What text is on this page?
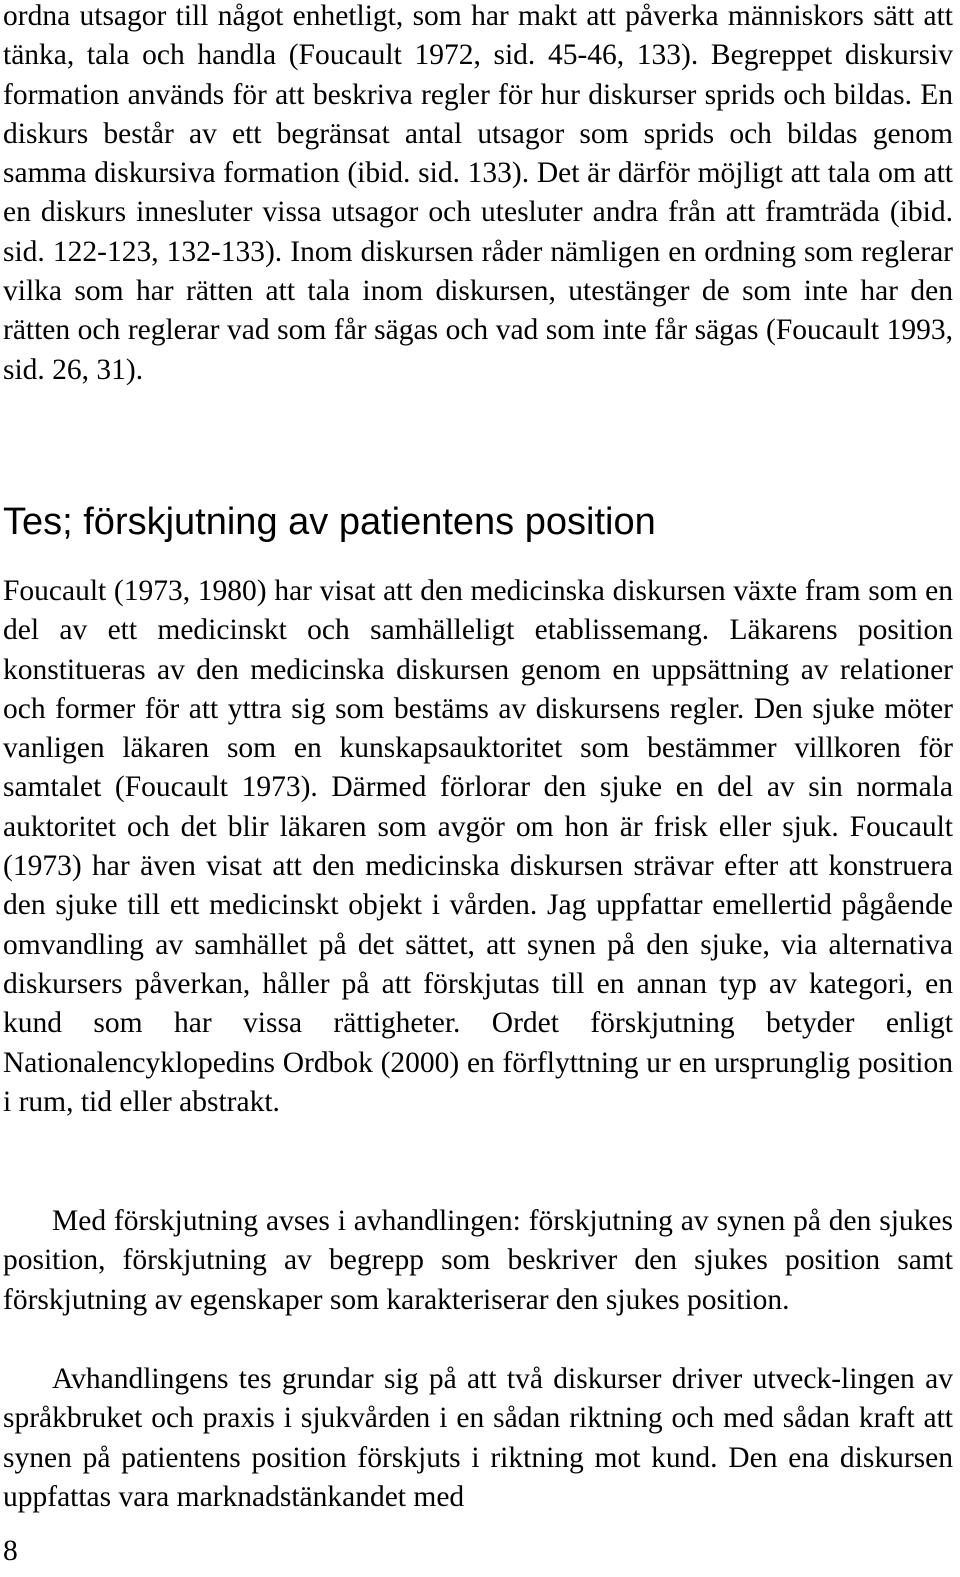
ordna utsagor till något enhetligt, som har makt att påverka människors sätt att tänka, tala och handla (Foucault 1972, sid. 45-46, 133). Begreppet diskursiv formation används för att beskriva regler för hur diskurser sprids och bildas. En diskurs består av ett begränsat antal utsagor som sprids och bildas genom samma diskursiva formation (ibid. sid. 133). Det är därför möjligt att tala om att en diskurs innesluter vissa utsagor och utesluter andra från att framträda (ibid. sid. 122-123, 132-133). Inom diskursen råder nämligen en ordning som reglerar vilka som har rätten att tala inom diskursen, utestänger de som inte har den rätten och reglerar vad som får sägas och vad som inte får sägas (Foucault 1993, sid. 26, 31).

Tes; förskjutning av patientens position

Foucault (1973, 1980) har visat att den medicinska diskursen växte fram som en del av ett medicinskt och samhälleligt etablissemang. Läkarens position konstitueras av den medicinska diskursen genom en uppsättning av relationer och former för att yttra sig som bestäms av diskursens regler. Den sjuke möter vanligen läkaren som en kunskapsauktoritet som bestämmer villkoren för samtalet (Foucault 1973). Därmed förlorar den sjuke en del av sin normala auktoritet och det blir läkaren som avgör om hon är frisk eller sjuk. Foucault (1973) har även visat att den medicinska diskursen strävar efter att konstruera den sjuke till ett medicinskt objekt i vården. Jag uppfattar emellertid pågående omvandling av samhället på det sättet, att synen på den sjuke, via alternativa diskursers påverkan, håller på att förskjutas till en annan typ av kategori, en kund som har vissa rättigheter. Ordet förskjutning betyder enligt Nationalencyklopedins Ordbok (2000) en förflyttning ur en ursprunglig position i rum, tid eller abstrakt.

Med förskjutning avses i avhandlingen: förskjutning av synen på den sjukes position, förskjutning av begrepp som beskriver den sjukes position samt förskjutning av egenskaper som karakteriserar den sjukes position.

Avhandlingens tes grundar sig på att två diskurser driver utveck-lingen av språkbruket och praxis i sjukvården i en sådan riktning och med sådan kraft att synen på patientens position förskjuts i riktning mot kund. Den ena diskursen uppfattas vara marknadstänkandet med

8
